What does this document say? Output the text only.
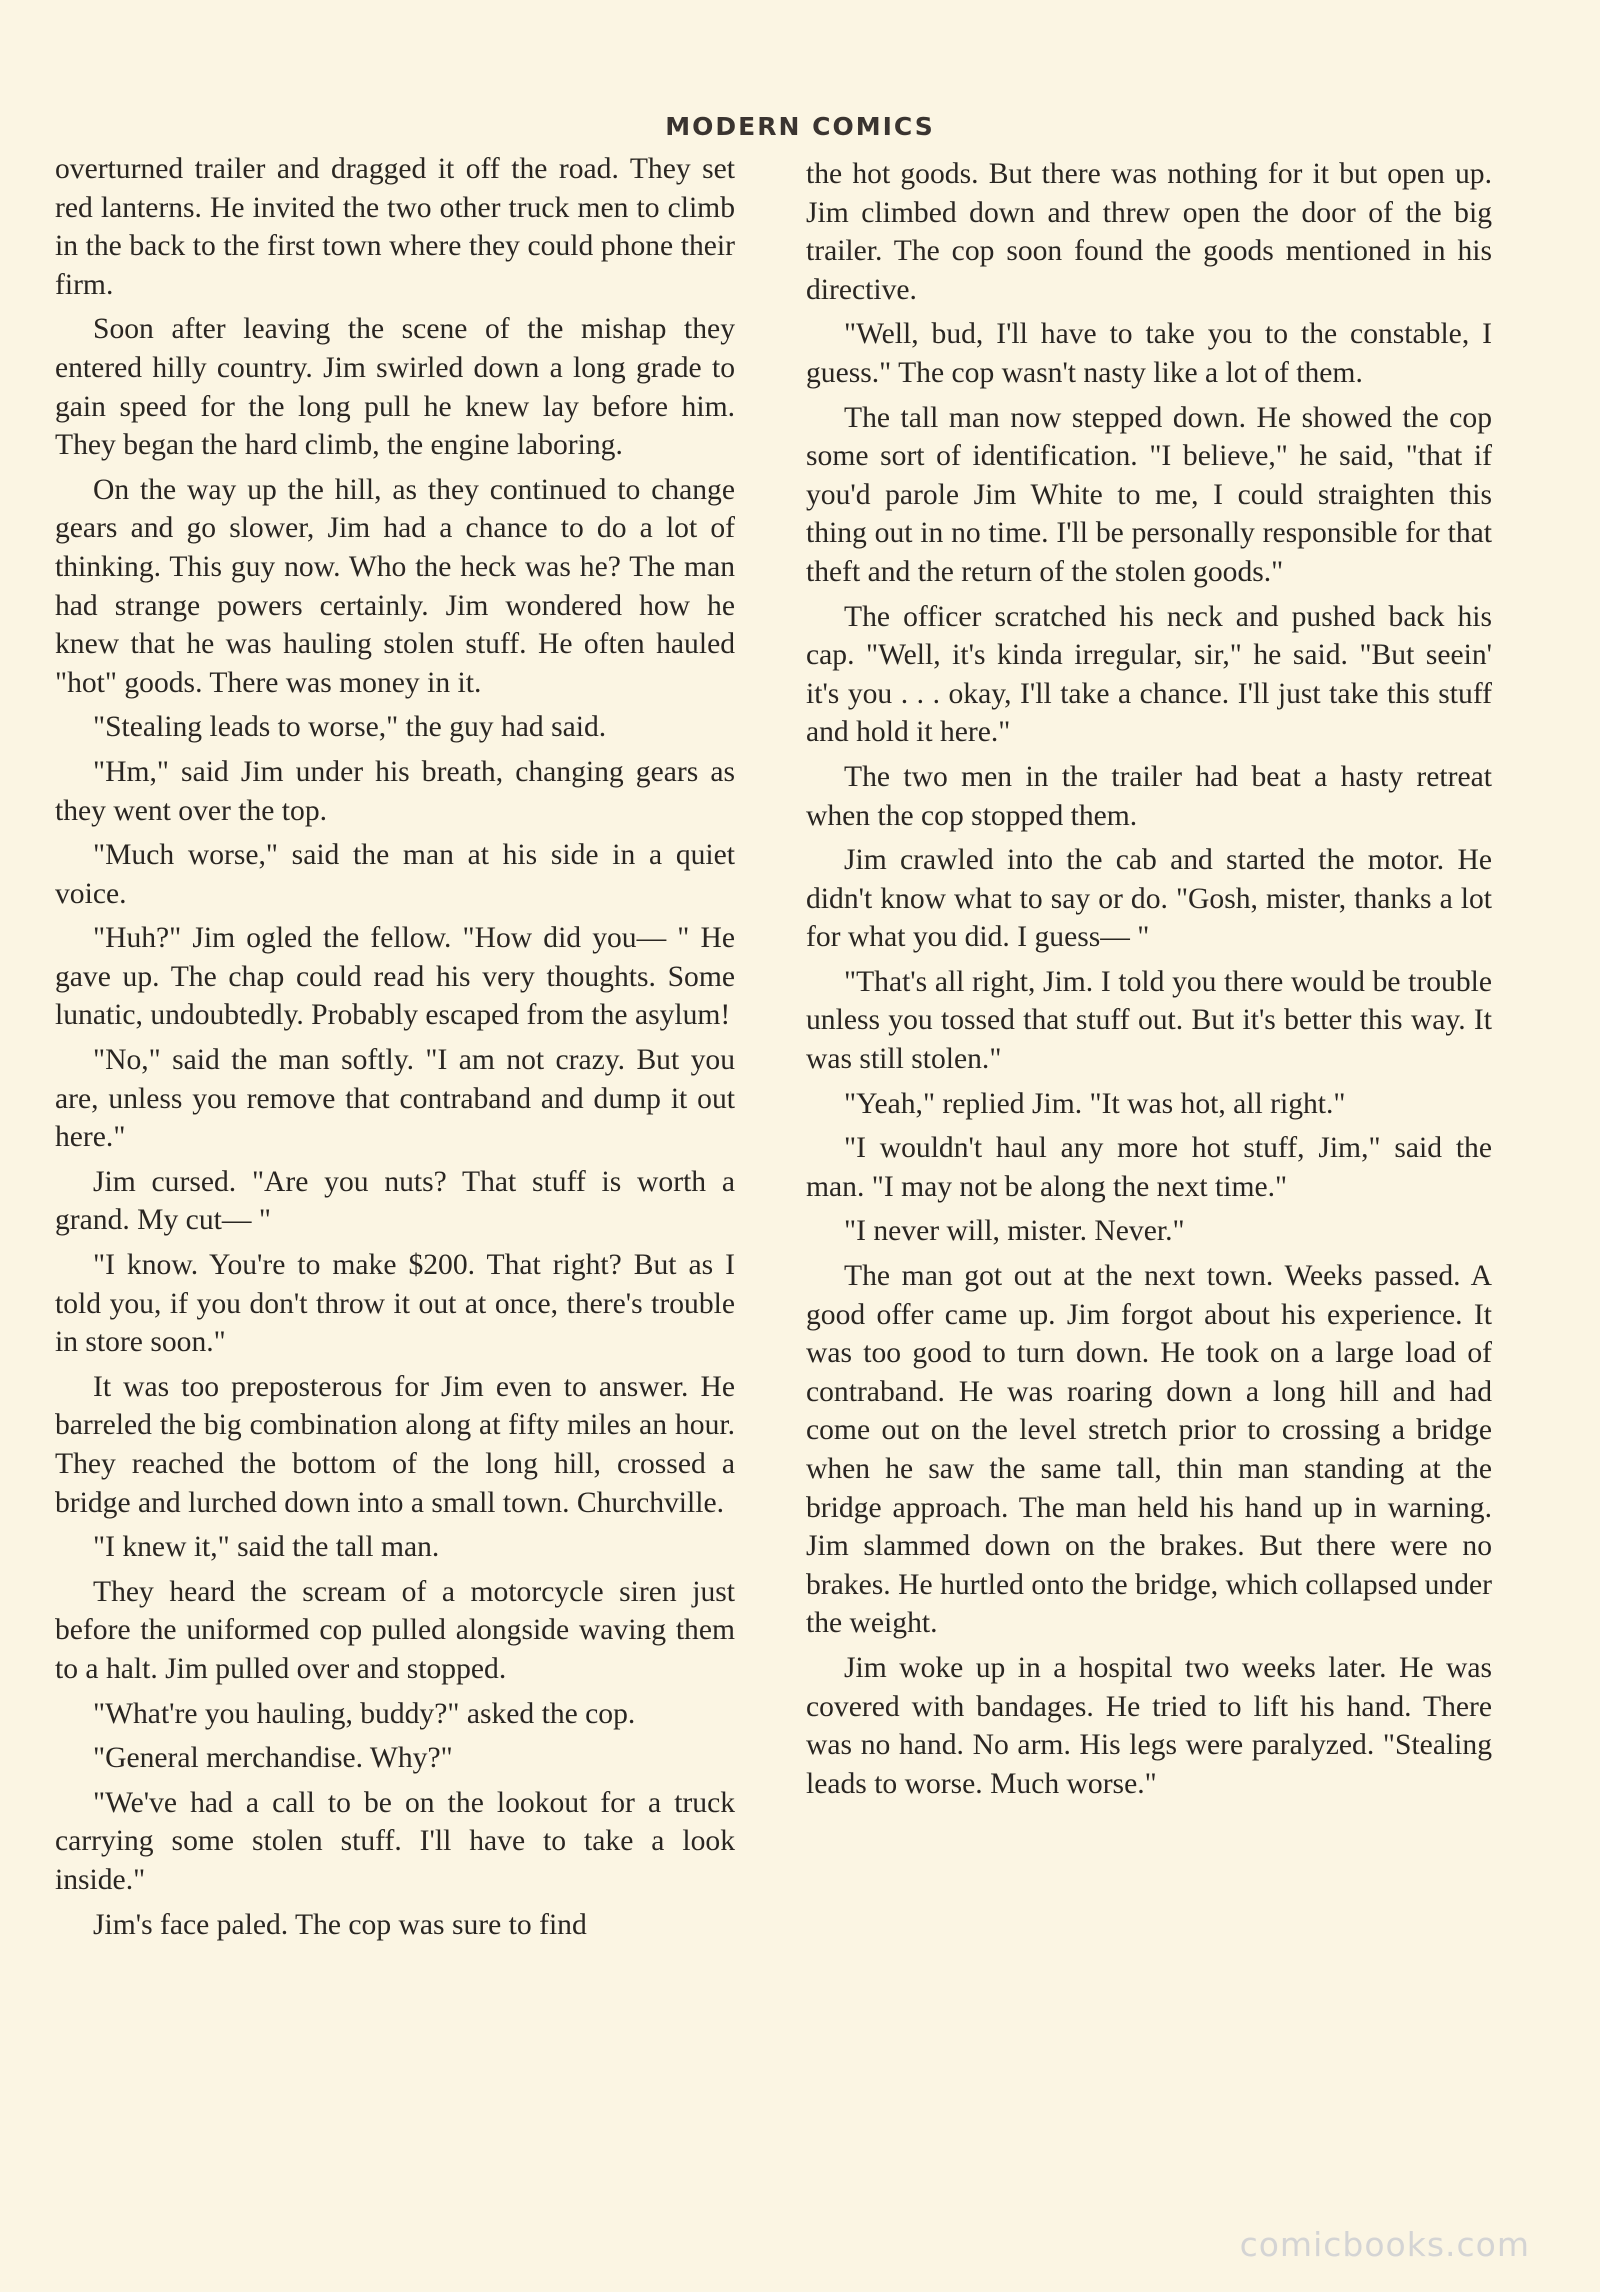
MODERN COMICS

overturned trailer and dragged it off the road. They set red lanterns. He invited the two other truck men to climb in the back to the first town where they could phone their firm.

Soon after leaving the scene of the mishap they entered hilly country. Jim swirled down a long grade to gain speed for the long pull he knew lay before him. They began the hard climb, the engine laboring.

On the way up the hill, as they continued to change gears and go slower, Jim had a chance to do a lot of thinking. This guy now. Who the heck was he? The man had strange powers certainly. Jim wondered how he knew that he was hauling stolen stuff. He often hauled "hot" goods. There was money in it.

"Stealing leads to worse," the guy had said.

"Hm," said Jim under his breath, changing gears as they went over the top.

"Much worse," said the man at his side in a quiet voice.

"Huh?" Jim ogled the fellow. "How did you— " He gave up. The chap could read his very thoughts. Some lunatic, undoubtedly. Probably escaped from the asylum!

"No," said the man softly. "I am not crazy. But you are, unless you remove that contraband and dump it out here."

Jim cursed. "Are you nuts? That stuff is worth a grand. My cut— "

"I know. You're to make $200. That right? But as I told you, if you don't throw it out at once, there's trouble in store soon."

It was too preposterous for Jim even to answer. He barreled the big combination along at fifty miles an hour. They reached the bottom of the long hill, crossed a bridge and lurched down into a small town. Churchville.

"I knew it," said the tall man.

They heard the scream of a motorcycle siren just before the uniformed cop pulled alongside waving them to a halt. Jim pulled over and stopped.

"What're you hauling, buddy?" asked the cop.

"General merchandise. Why?"

"We've had a call to be on the lookout for a truck carrying some stolen stuff. I'll have to take a look inside."

Jim's face paled. The cop was sure to find

the hot goods. But there was nothing for it but open up. Jim climbed down and threw open the door of the big trailer. The cop soon found the goods mentioned in his directive.

"Well, bud, I'll have to take you to the constable, I guess." The cop wasn't nasty like a lot of them.

The tall man now stepped down. He showed the cop some sort of identification. "I believe," he said, "that if you'd parole Jim White to me, I could straighten this thing out in no time. I'll be personally responsible for that theft and the return of the stolen goods."

The officer scratched his neck and pushed back his cap. "Well, it's kinda irregular, sir," he said. "But seein' it's you . . . okay, I'll take a chance. I'll just take this stuff and hold it here."

The two men in the trailer had beat a hasty retreat when the cop stopped them.

Jim crawled into the cab and started the motor. He didn't know what to say or do. "Gosh, mister, thanks a lot for what you did. I guess— "

"That's all right, Jim. I told you there would be trouble unless you tossed that stuff out. But it's better this way. It was still stolen."

"Yeah," replied Jim. "It was hot, all right."

"I wouldn't haul any more hot stuff, Jim," said the man. "I may not be along the next time."

"I never will, mister. Never."

The man got out at the next town. Weeks passed. A good offer came up. Jim forgot about his experience. It was too good to turn down. He took on a large load of contraband. He was roaring down a long hill and had come out on the level stretch prior to crossing a bridge when he saw the same tall, thin man standing at the bridge approach. The man held his hand up in warning. Jim slammed down on the brakes. But there were no brakes. He hurtled onto the bridge, which collapsed under the weight.

Jim woke up in a hospital two weeks later. He was covered with bandages. He tried to lift his hand. There was no hand. No arm. His legs were paralyzed. "Stealing leads to worse. Much worse."

comicbooks.com
